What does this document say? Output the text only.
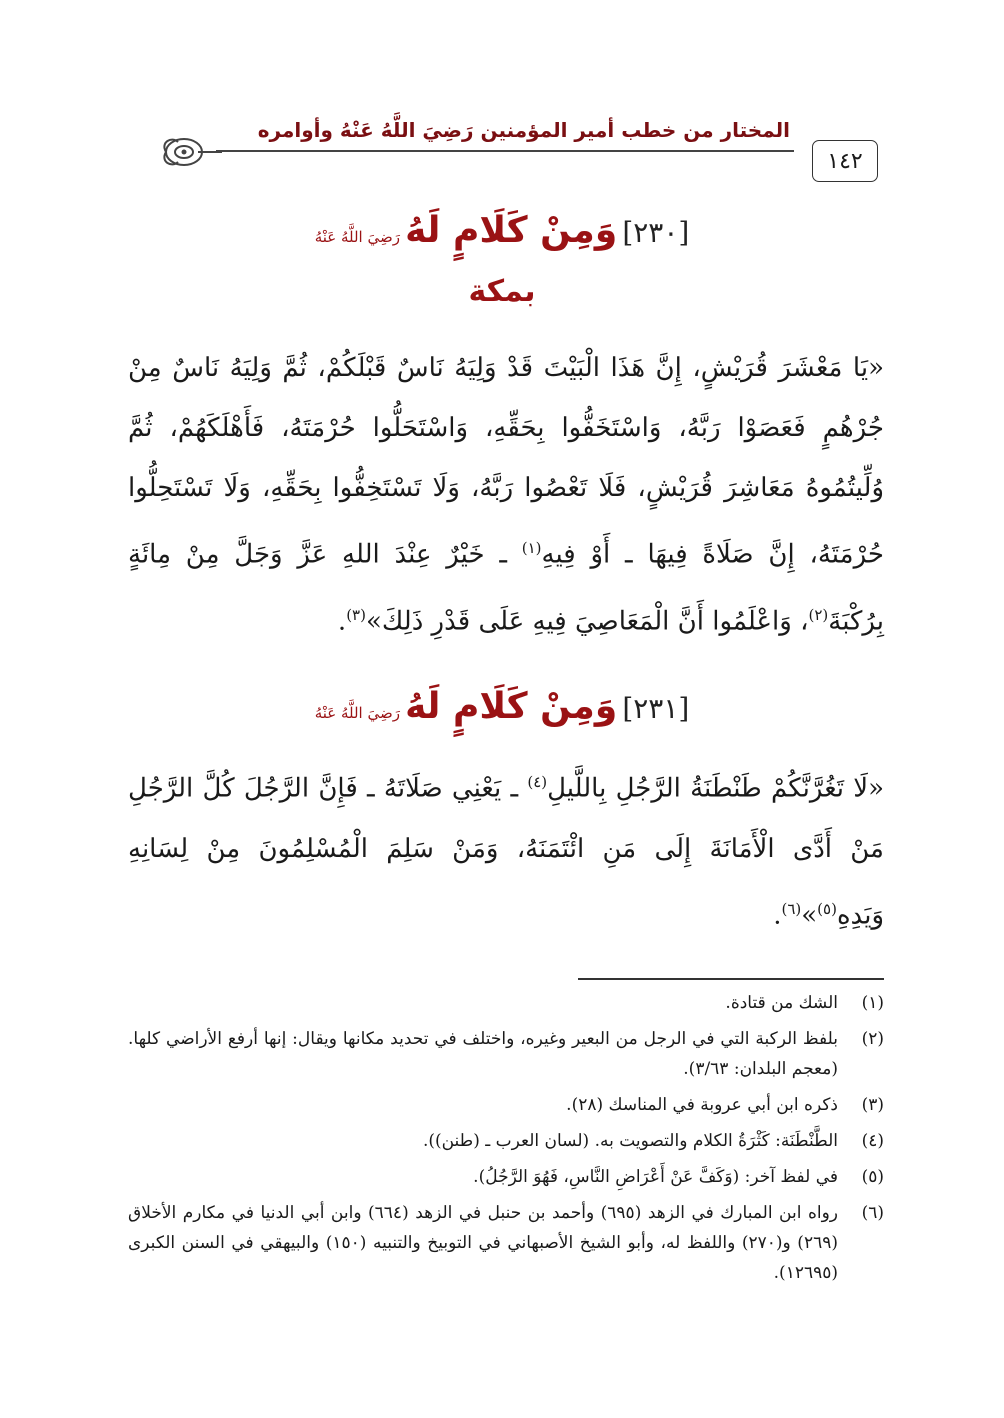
المختار من خطب أمير المؤمنين رَضِيَ اللَّهُ عَنْهُ وأوامره
١٤٢
[٢٣٠] وَمِنْ كَلَامٍ لَهُ رَضِيَ اللَّهُ عَنْهُ
بمكة
«يَا مَعْشَرَ قُرَيْشٍ، إِنَّ هَذَا الْبَيْتَ قَدْ وَلِيَهُ نَاسٌ قَبْلَكُمْ، ثُمَّ وَلِيَهُ نَاسٌ مِنْ جُرْهُمٍ فَعَصَوْا رَبَّهُ، وَاسْتَخَفُّوا بِحَقِّهِ، وَاسْتَحَلُّوا حُرْمَتَهُ، فَأَهْلَكَهُمْ، ثُمَّ وُلِّيتُمُوهُ مَعَاشِرَ قُرَيْشٍ، فَلَا تَعْصُوا رَبَّهُ، وَلَا تَسْتَخِفُّوا بِحَقِّهِ، وَلَا تَسْتَحِلُّوا حُرْمَتَهُ، إِنَّ صَلَاةً فِيهَا ـ أَوْ فِيهِ$^{(١)}$ ـ خَيْرٌ عِنْدَ اللهِ عَزَّ وَجَلَّ مِنْ مِائَةٍ بِرُكْبَةَ$^{(٢)}$، وَاعْلَمُوا أَنَّ الْمَعَاصِيَ فِيهِ عَلَى قَدْرِ ذَلِكَ»$^{(٣)}$.
[٢٣١] وَمِنْ كَلَامٍ لَهُ رَضِيَ اللَّهُ عَنْهُ
«لَا تَغُرَّنَّكُمْ طَنْطَنَةُ الرَّجُلِ بِاللَّيلِ$^{(٤)}$ ـ يَعْنِي صَلَاتَهُ ـ فَإِنَّ الرَّجُلَ كُلَّ الرَّجُلِ مَنْ أَدَّى الْأَمَانَةَ إِلَى مَنِ ائْتَمَنَهُ، وَمَنْ سَلِمَ الْمُسْلِمُونَ مِنْ لِسَانِهِ وَيَدِهِ$^{(٥)}$»$^{(٦)}$.
(١)
الشك من قتادة.
(٢)
بلفظ الركبة التي في الرجل من البعير وغيره، واختلف في تحديد مكانها ويقال: إنها أرفع الأراضي كلها. (معجم البلدان: ٣/٦٣).
(٣)
ذكره ابن أبي عروبة في المناسك (٢٨).
(٤)
الطَّنْطَنَة: كَثْرَةُ الكلام والتصويت به. (لسان العرب ـ (طنن)).
(٥)
في لفظ آخر: (وَكَفَّ عَنْ أَعْرَاضِ النَّاسِ، فَهُوَ الرَّجُلُ).
(٦)
رواه ابن المبارك في الزهد (٦٩٥) وأحمد بن حنبل في الزهد (٦٦٤) وابن أبي الدنيا في مكارم الأخلاق (٢٦٩) و(٢٧٠) واللفظ له، وأبو الشيخ الأصبهاني في التوبيخ والتنبيه (١٥٠) والبيهقي في السنن الكبرى (١٢٦٩٥).
